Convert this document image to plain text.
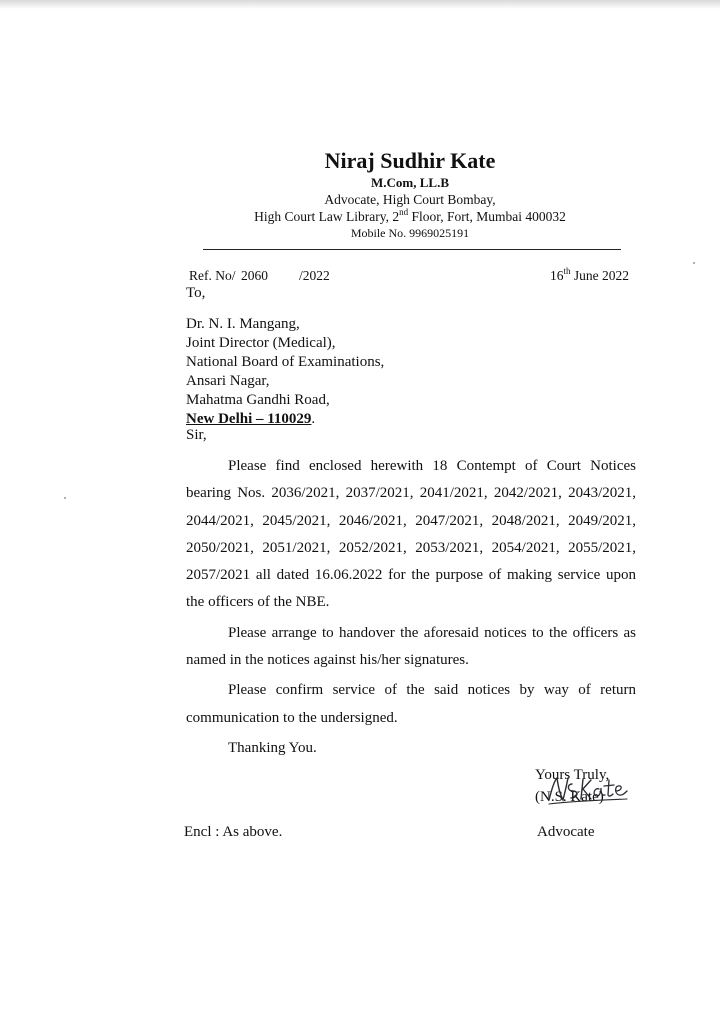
Niraj Sudhir Kate
M.Com, LL.B
Advocate, High Court Bombay,
High Court Law Library, 2nd Floor, Fort, Mumbai 400032
Mobile No. 9969025191
Ref. No/ 2060 /2022	16th June 2022
To,
Dr. N. I. Mangang,
Joint Director (Medical),
National Board of Examinations,
Ansari Nagar,
Mahatma Gandhi Road,
New Delhi – 110029.
Sir,

Please find enclosed herewith 18 Contempt of Court Notices bearing Nos. 2036/2021, 2037/2021, 2041/2021, 2042/2021, 2043/2021, 2044/2021, 2045/2021, 2046/2021, 2047/2021, 2048/2021, 2049/2021, 2050/2021, 2051/2021, 2052/2021, 2053/2021, 2054/2021, 2055/2021, 2057/2021 all dated 16.06.2022 for the purpose of making service upon the officers of the NBE.

Please arrange to handover the aforesaid notices to the officers as named in the notices against his/her signatures.

Please confirm service of the said notices by way of return communication to the undersigned.

Thanking You.

Yours Truly,
(N.S. Kate)
Encl : As above.	Advocate
